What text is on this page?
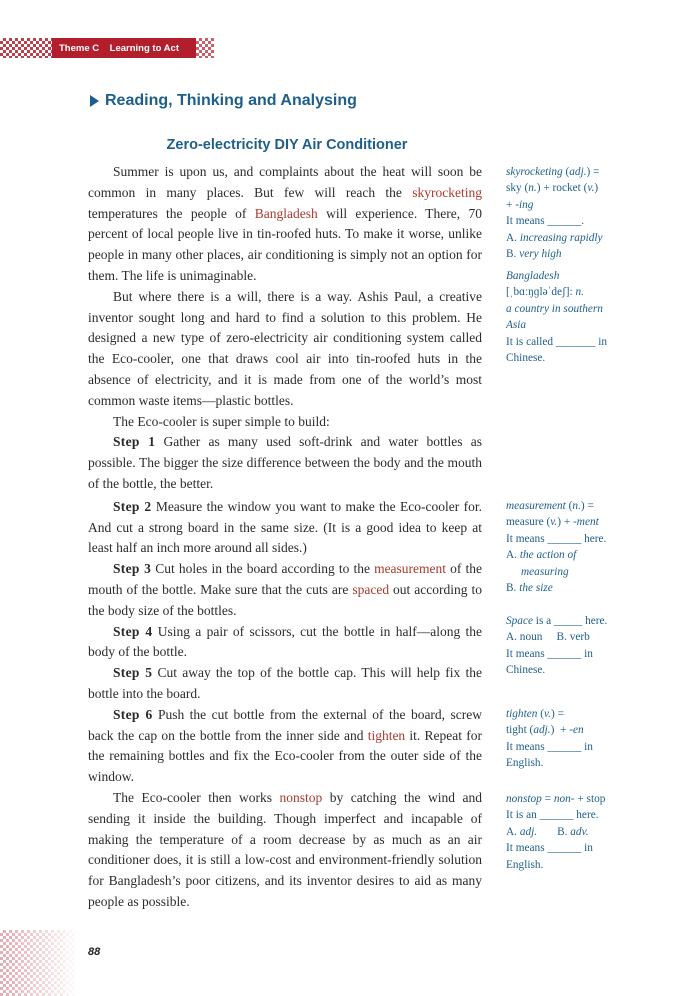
Theme C    Learning to Act
Reading, Thinking and Analysing
Zero-electricity DIY Air Conditioner

Summer is upon us, and complaints about the heat will soon be common in many places. But few will reach the skyrocketing temperatures the people of Bangladesh will experience. There, 70 percent of local people live in tin-roofed huts. To make it worse, unlike people in many other places, air conditioning is simply not an option for them. The life is unimaginable.

But where there is a will, there is a way. Ashis Paul, a creative inventor sought long and hard to find a solution to this problem. He designed a new type of zero-electricity air conditioning system called the Eco-cooler, one that draws cool air into tin-roofed huts in the absence of electricity, and it is made from one of the world’s most common waste items—plastic bottles.

The Eco-cooler is super simple to build:

Step 1 Gather as many used soft-drink and water bottles as possible. The bigger the size difference between the body and the mouth of the bottle, the better.

Step 2 Measure the window you want to make the Eco-cooler for. And cut a strong board in the same size. (It is a good idea to keep at least half an inch more around all sides.)

Step 3 Cut holes in the board according to the measurement of the mouth of the bottle. Make sure that the cuts are spaced out according to the body size of the bottles.

Step 4 Using a pair of scissors, cut the bottle in half—along the body of the bottle.

Step 5 Cut away the top of the bottle cap. This will help fix the bottle into the board.

Step 6 Push the cut bottle from the external of the board, screw back the cap on the bottle from the inner side and tighten it. Repeat for the remaining bottles and fix the Eco-cooler from the outer side of the window.

The Eco-cooler then works nonstop by catching the wind and sending it inside the building. Though imperfect and incapable of making the temperature of a room decrease by as much as an air conditioner does, it is still a low-cost and environment-friendly solution for Bangladesh’s poor citizens, and its inventor desires to aid as many people as possible.

skyrocketing (adj.) =
sky (n.) + rocket (v.)
+ -ing
It means ______.
A. increasing rapidly
B. very high
Bangladesh
[ˌbɑːŋɡləˈdeʃ]: n.
a country in southern Asia
It is called _______ in Chinese.
measurement (n.) =
measure (v.) + -ment
It means ______ here.
A. the action of measuring
B. the size
Space is a _____ here.
A. noun     B. verb
It means ______ in Chinese.
tighten (v.) =
tight (adj.)  + -en
It means ______ in English.
nonstop = non- + stop
It is an ______ here.
A. adj. B. adv.
It means ______ in English.
88
